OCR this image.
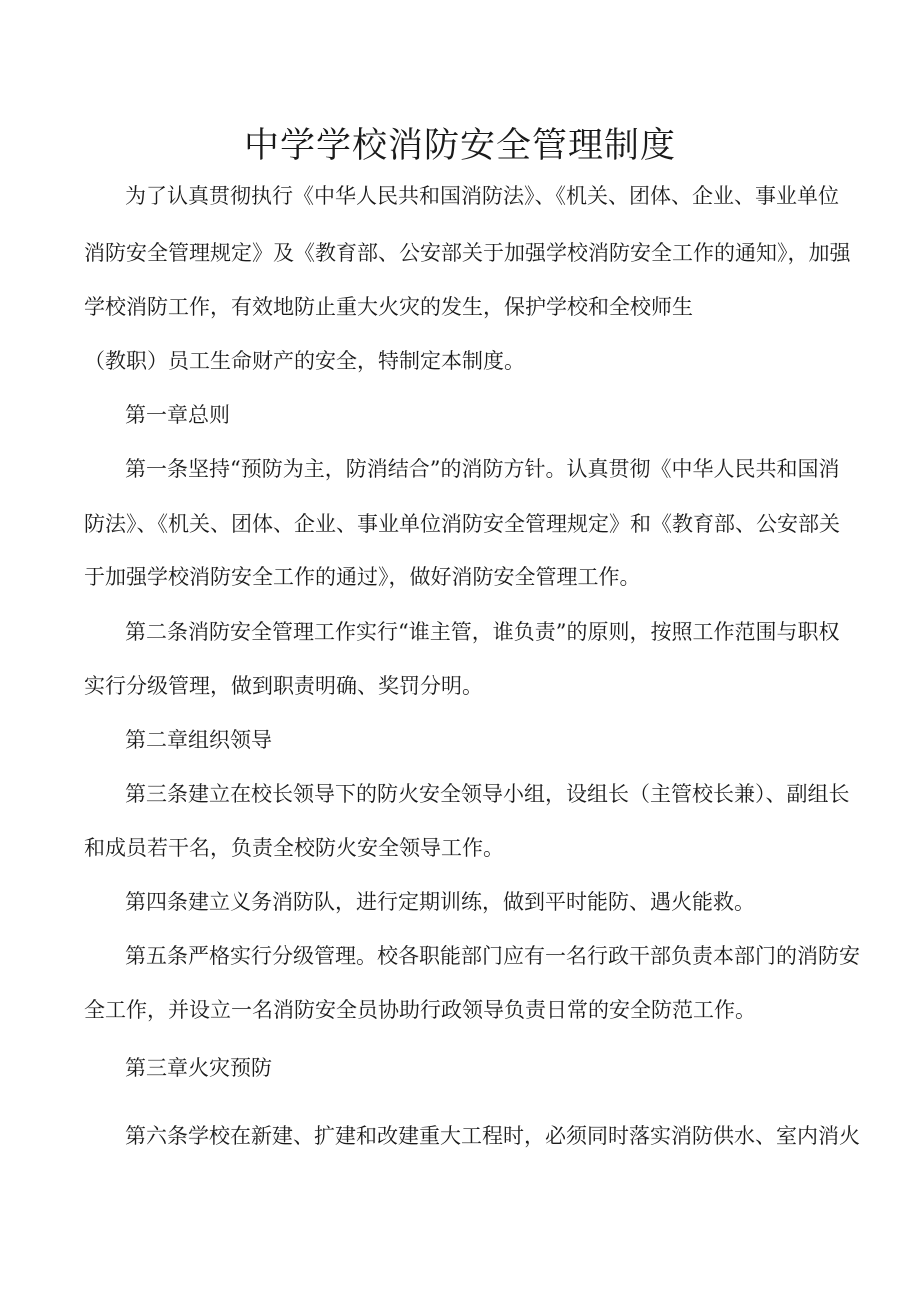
中学学校消防安全管理制度
为了认真贯彻执行《中华人民共和国消防法》、《机关、团体、企业、事业单位
消防安全管理规定》及《教育部、公安部关于加强学校消防安全工作的通知》，加强
学校消防工作，有效地防止重大火灾的发生，保护学校和全校师生
（教职）员工生命财产的安全，特制定本制度。
第一章总则
第一条坚持“预防为主，防消结合”的消防方针。认真贯彻《中华人民共和国消
防法》、《机关、团体、企业、事业单位消防安全管理规定》和《教育部、公安部关
于加强学校消防安全工作的通过》，做好消防安全管理工作。
第二条消防安全管理工作实行“谁主管，谁负责”的原则，按照工作范围与职权
实行分级管理，做到职责明确、奖罚分明。
第二章组织领导
第三条建立在校长领导下的防火安全领导小组，设组长（主管校长兼）、副组长
和成员若干名，负责全校防火安全领导工作。
第四条建立义务消防队，进行定期训练，做到平时能防、遇火能救。
第五条严格实行分级管理。校各职能部门应有一名行政干部负责本部门的消防安
全工作，并设立一名消防安全员协助行政领导负责日常的安全防范工作。
第三章火灾预防
第六条学校在新建、扩建和改建重大工程时，必须同时落实消防供水、室内消火
